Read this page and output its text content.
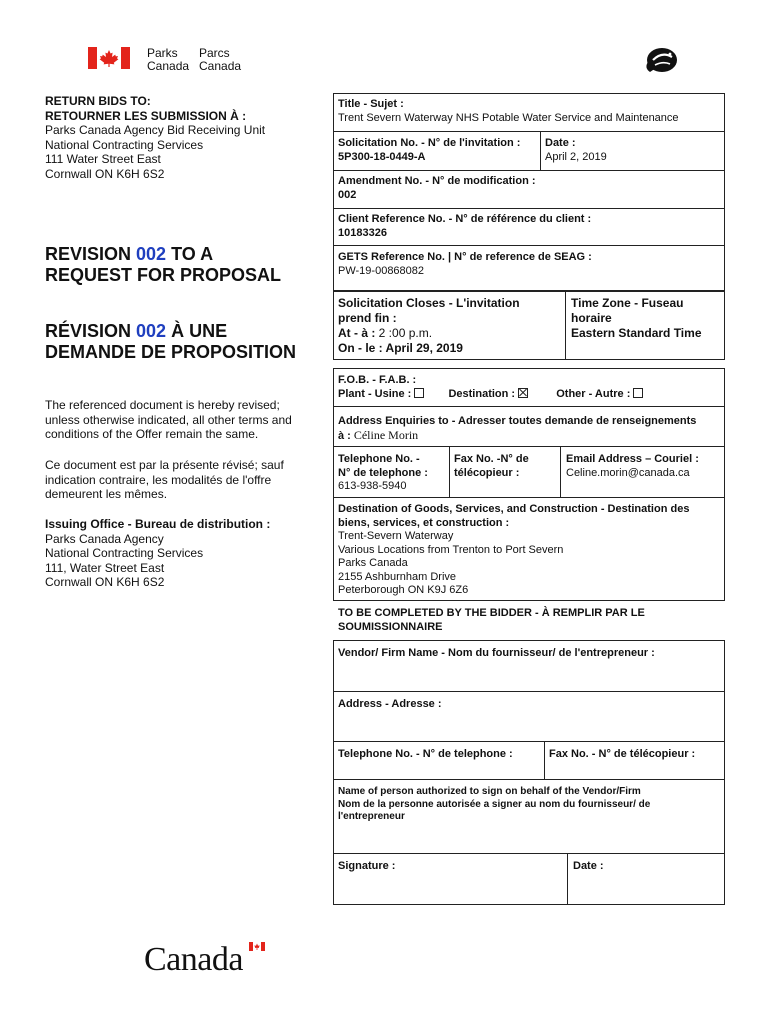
Parks
Canada
Parcs
Canada
RETURN BIDS TO:
RETOURNER LES SUBMISSION À :
Parks Canada Agency Bid Receiving Unit
National Contracting Services
111 Water Street East
Cornwall ON K6H 6S2
REVISION 002 TO A
REQUEST FOR PROPOSAL
RÉVISION 002 À UNE
DEMANDE DE PROPOSITION
The referenced document is hereby revised;
unless otherwise indicated, all other terms and
conditions of the Offer remain the same.
Ce document est par la présente révisé; sauf
indication contraire, les modalités de l'offre
demeurent les mêmes.
Issuing Office - Bureau de distribution :
Parks Canada Agency
National Contracting Services
111, Water Street East
Cornwall ON K6H 6S2
Title - Sujet :
Trent Severn Waterway NHS Potable Water Service and Maintenance
Solicitation No. - N° de l'invitation :
5P300-18-0449-A
Date :
April 2, 2019
Amendment No. - N° de modification :
002
Client Reference No. - N° de référence du client :
10183326
GETS Reference No. | N° de reference de SEAG :
PW-19-00868082
Solicitation Closes - L'invitation
prend fin :
At - à : 2 :00 p.m.
On - le : April 29, 2019
Time Zone - Fuseau
horaire
Eastern Standard Time
F.O.B. - F.A.B. :
Plant - Usine :	Destination :	Other - Autre :
Address Enquiries to - Adresser toutes demande de renseignements
à : Céline Morin
Telephone No. -
N° de telephone :
613-938-5940
Fax No. -N° de
télécopieur :
Email Address – Couriel :
Celine.morin@canada.ca
Destination of Goods, Services, and Construction - Destination des
biens, services, et construction :
Trent-Severn Waterway
Various Locations from Trenton to Port Severn
Parks Canada
2155 Ashburnham Drive
Peterborough ON K9J 6Z6
TO BE COMPLETED BY THE BIDDER - À REMPLIR PAR LE
SOUMISSIONNAIRE
Vendor/ Firm Name - Nom du fournisseur/ de l'entrepreneur :
Address - Adresse :
Telephone No. - N° de telephone :	Fax No. - N° de télécopieur :
Name of person authorized to sign on behalf of the Vendor/Firm
Nom de la personne autorisée a signer au nom du fournisseur/ de
l'entrepreneur
Signature :	Date :
Canada
